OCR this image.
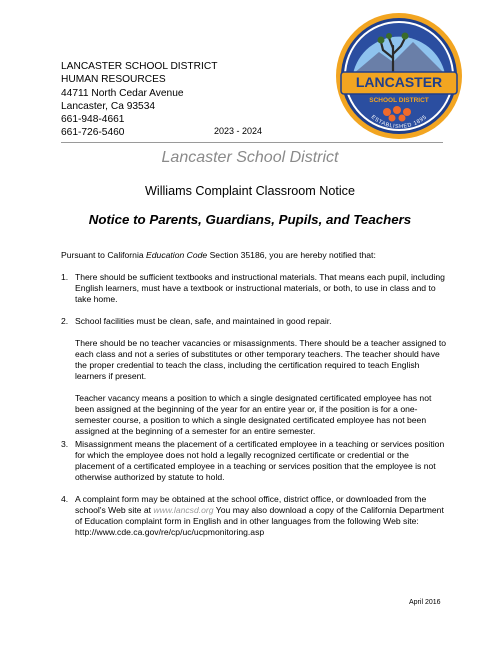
LANCASTER SCHOOL DISTRICT
HUMAN RESOURCES
44711 North Cedar Avenue
Lancaster, Ca 93534
661-948-4661
661-726-5460
LANCASTER
SCHOOL DISTRICT
ESTABLISHED 1895
2023 - 2024
Lancaster School District
Williams Complaint Classroom Notice
Notice to Parents, Guardians, Pupils, and Teachers
Pursuant to California Education Code Section 35186, you are hereby notified that:
1. There should be sufficient textbooks and instructional materials. That means each pupil, including English learners, must have a textbook or instructional materials, or both, to use in class and to take home.
2. School facilities must be clean, safe, and maintained in good repair.
There should be no teacher vacancies or misassignments. There should be a teacher assigned to each class and not a series of substitutes or other temporary teachers. The teacher should have the proper credential to teach the class, including the certification required to teach English learners if present.
Teacher vacancy means a position to which a single designated certificated employee has not been assigned at the beginning of the year for an entire year or, if the position is for a one-semester course, a position to which a single designated certificated employee has not been assigned at the beginning of a semester for an entire semester.
3. Misassignment means the placement of a certificated employee in a teaching or services position for which the employee does not hold a legally recognized certificate or credential or the placement of a certificated employee in a teaching or services position that the employee is not otherwise authorized by statute to hold.
4. A complaint form may be obtained at the school office, district office, or downloaded from the school's Web site at www.lancsd.org You may also download a copy of the California Department of Education complaint form in English and in other languages from the following Web site: http://www.cde.ca.gov/re/cp/uc/ucpmonitoring.asp
April 2016
